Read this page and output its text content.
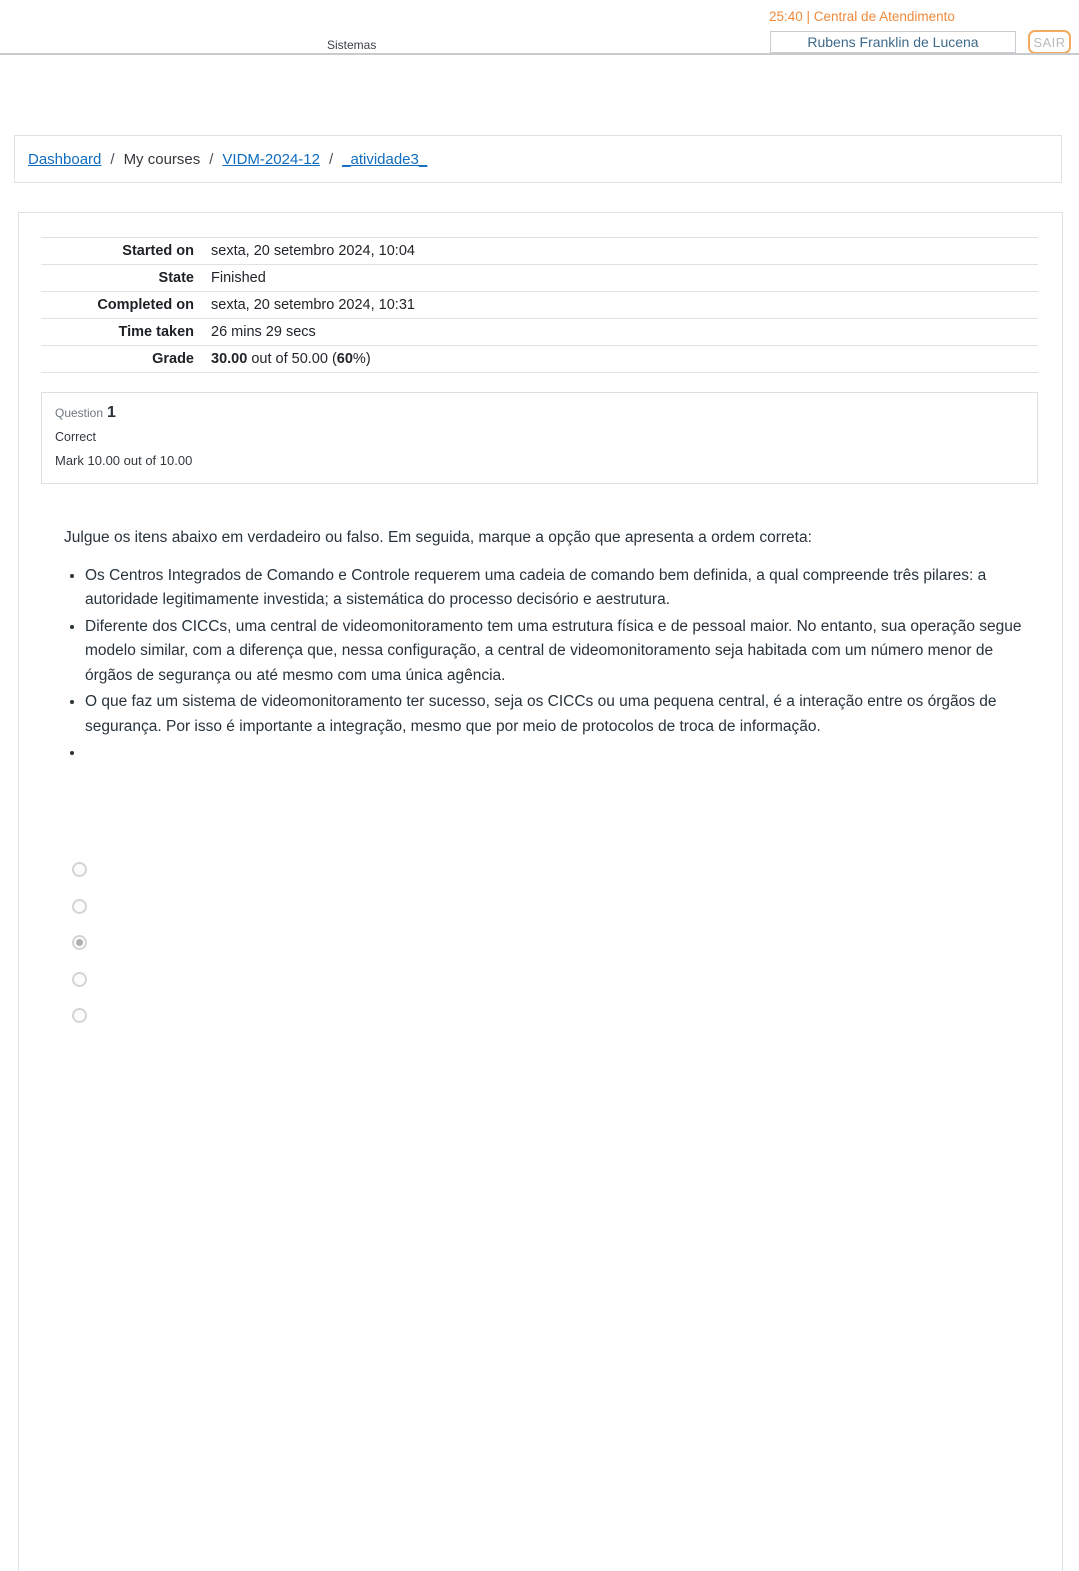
Sistemas
25:40 | Central de Atendimento
Rubens Franklin de Lucena	SAIR
Dashboard / My courses / VIDM-2024-12 / _atividade3_
Started on	sexta, 20 setembro 2024, 10:04
State	Finished
Completed on	sexta, 20 setembro 2024, 10:31
Time taken	26 mins 29 secs
Grade	30.00 out of 50.00 (60%)
Question 1
Correct
Mark 10.00 out of 10.00
Julgue os itens abaixo em verdadeiro ou falso. Em seguida, marque a opção que apresenta a ordem correta:
• Os Centros Integrados de Comando e Controle requerem uma cadeia de comando bem definida, a qual compreende três pilares: a autoridade legitimamente investida; a sistemática do processo decisório e aestrutura.
• Diferente dos CICCs, uma central de videomonitoramento tem uma estrutura física e de pessoal maior. No entanto, sua operação segue modelo similar, com a diferença que, nessa configuração, a central de videomonitoramento seja habitada com um número menor de órgãos de segurança ou até mesmo com uma única agência.
• O que faz um sistema de videomonitoramento ter sucesso, seja os CICCs ou uma pequena central, é a interação entre os órgãos de segurança. Por isso é importante a integração, mesmo que por meio de protocolos de troca de informação.
•
